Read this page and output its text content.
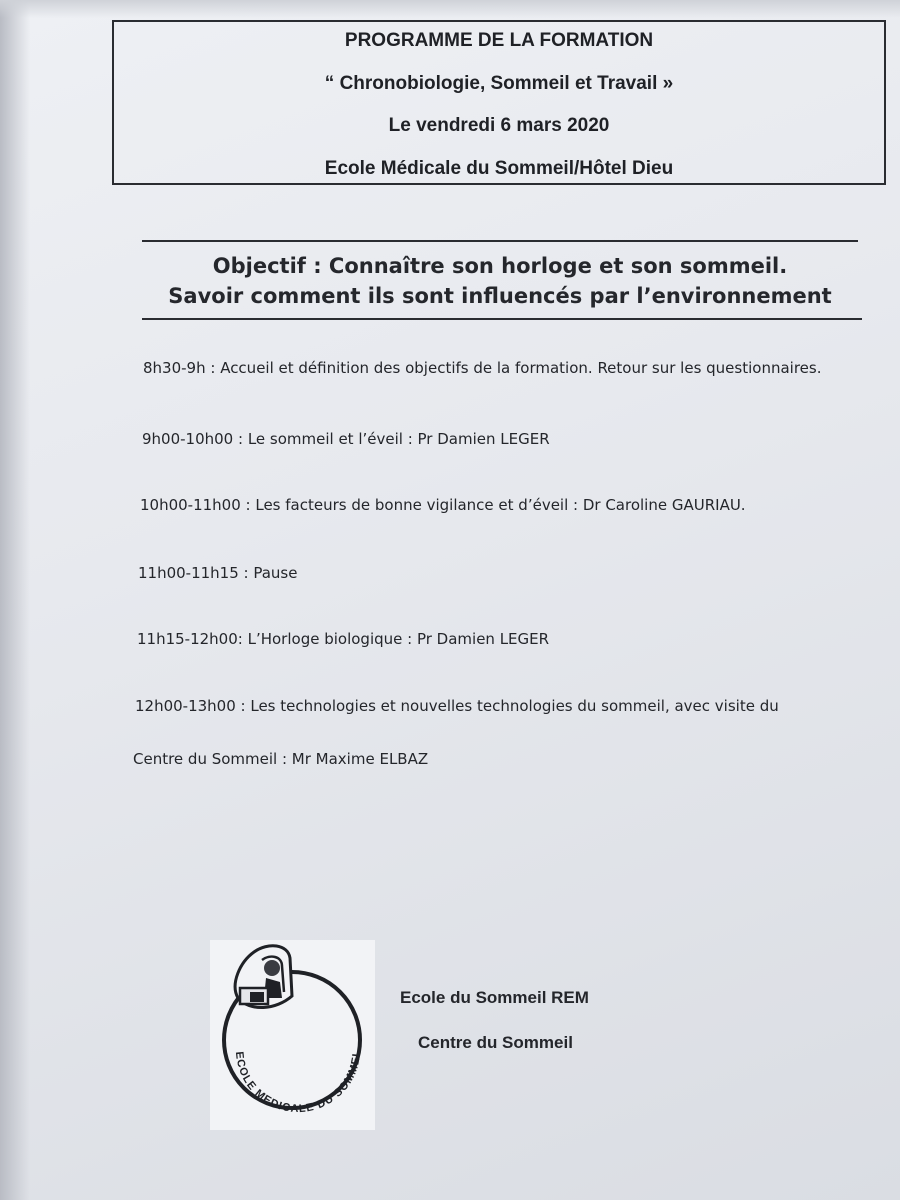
PROGRAMME DE LA FORMATION
“ Chronobiologie, Sommeil et Travail »
Le vendredi 6 mars 2020
Ecole Médicale du Sommeil/Hôtel Dieu
Objectif : Connaître son horloge et son sommeil.
Savoir comment ils sont influencés par l’environnement
8h30-9h : Accueil et définition des objectifs de la formation. Retour sur les questionnaires.
9h00-10h00 : Le sommeil et l’éveil : Pr Damien LEGER
10h00-11h00 : Les facteurs de bonne vigilance et d’éveil : Dr Caroline GAURIAU.
11h00-11h15 : Pause
11h15-12h00: L’Horloge biologique : Pr Damien LEGER
12h00-13h00 : Les technologies et nouvelles technologies du sommeil, avec visite du
Centre du Sommeil : Mr Maxime ELBAZ
ECOLE MEDICALE DU SOMMEI
Ecole du Sommeil REM
Centre du Sommeil
